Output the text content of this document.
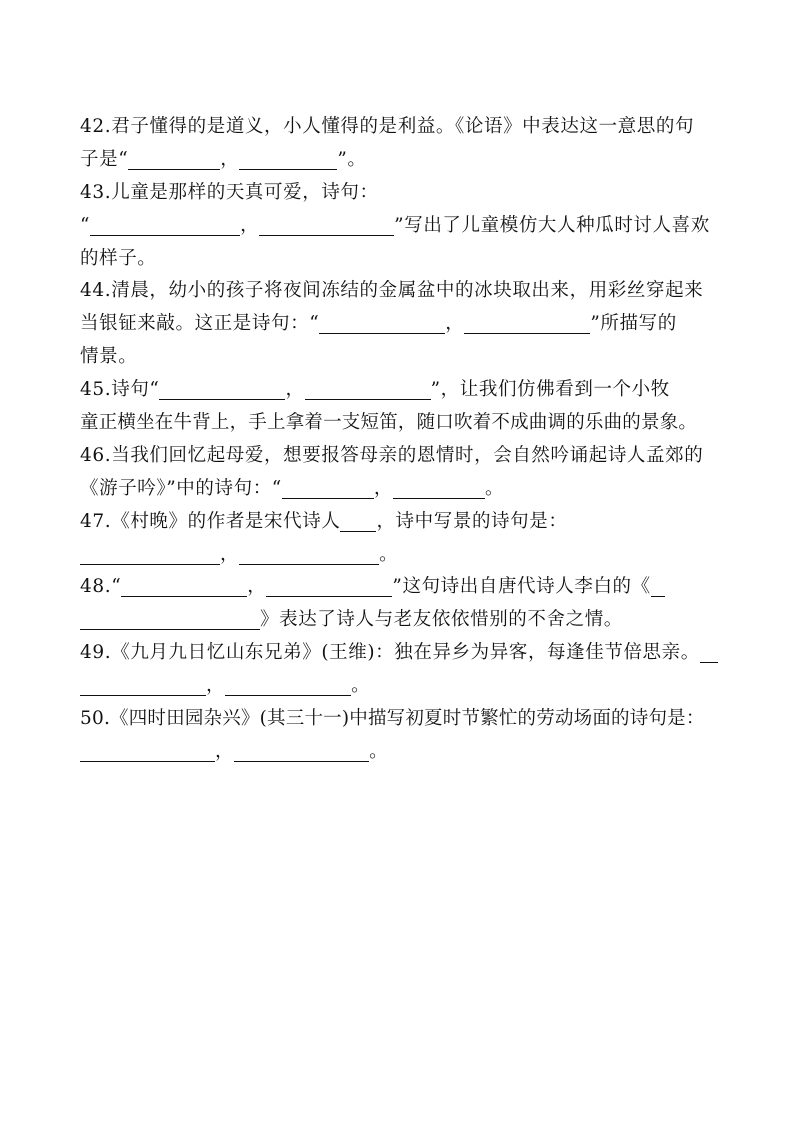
42.君子懂得的是道义，小人懂得的是利益。《论语》中表达这一意思的句
子是“	，	”。
43.儿童是那样的天真可爱，诗句：
“	，	”写出了儿童模仿大人种瓜时讨人喜欢
的样子。
44.清晨，幼小的孩子将夜间冻结的金属盆中的冰块取出来，用彩丝穿起来
当银钲来敲。这正是诗句：“	，	”所描写的
情景。
45.诗句“	，	”，让我们仿佛看到一个小牧
童正横坐在牛背上，手上拿着一支短笛，随口吹着不成曲调的乐曲的景象。
46.当我们回忆起母爱，想要报答母亲的恩情时，会自然吟诵起诗人孟郊的
《游子吟》”中的诗句：“	，	。
47.《村晚》的作者是宋代诗人 ，诗中写景的诗句是：
，	。
48.“	，	”这句诗出自唐代诗人李白的《
》表达了诗人与老友依依惜别的不舍之情。
49.《九月九日忆山东兄弟》(王维)：独在异乡为异客，每逢佳节倍思亲。
，	。
50.《四时田园杂兴》(其三十一)中描写初夏时节繁忙的劳动场面的诗句是：
，	。
